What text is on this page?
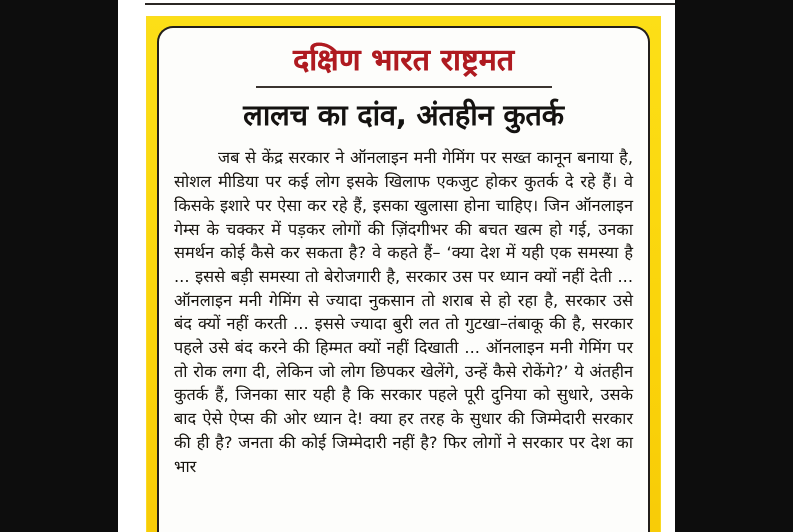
दक्षिण भारत राष्ट्रमत
लालच का दांव, अंतहीन कुतर्क

जब से केंद्र सरकार ने ऑनलाइन मनी गेमिंग पर सख्त कानून बनाया है, सोशल मीडिया पर कई लोग इसके खिलाफ एकजुट होकर कुतर्क दे रहे हैं। वे किसके इशारे पर ऐसा कर रहे हैं, इसका खुलासा होना चाहिए। जिन ऑनलाइन गेम्स के चक्कर में पड़कर लोगों की ज़िंदगीभर की बचत खत्म हो गई, उनका समर्थन कोई कैसे कर सकता है? वे कहते हैं– ‘क्या देश में यही एक समस्या है ... इससे बड़ी समस्या तो बेरोजगारी है, सरकार उस पर ध्यान क्यों नहीं देती ... ऑनलाइन मनी गेमिंग से ज्यादा नुकसान तो शराब से हो रहा है, सरकार उसे बंद क्यों नहीं करती ... इससे ज्यादा बुरी लत तो गुटखा–तंबाकू की है, सरकार पहले उसे बंद करने की हिम्मत क्यों नहीं दिखाती ... ऑनलाइन मनी गेमिंग पर तो रोक लगा दी, लेकिन जो लोग छिपकर खेलेंगे, उन्हें कैसे रोकेंगे?’ ये अंतहीन कुतर्क हैं, जिनका सार यही है कि सरकार पहले पूरी दुनिया को सुधारे, उसके बाद ऐसे ऐप्स की ओर ध्यान दे! क्या हर तरह के सुधार की जिम्मेदारी सरकार की ही है? जनता की कोई जिम्मेदारी नहीं है? फिर लोगों ने सरकार पर देश का भार
